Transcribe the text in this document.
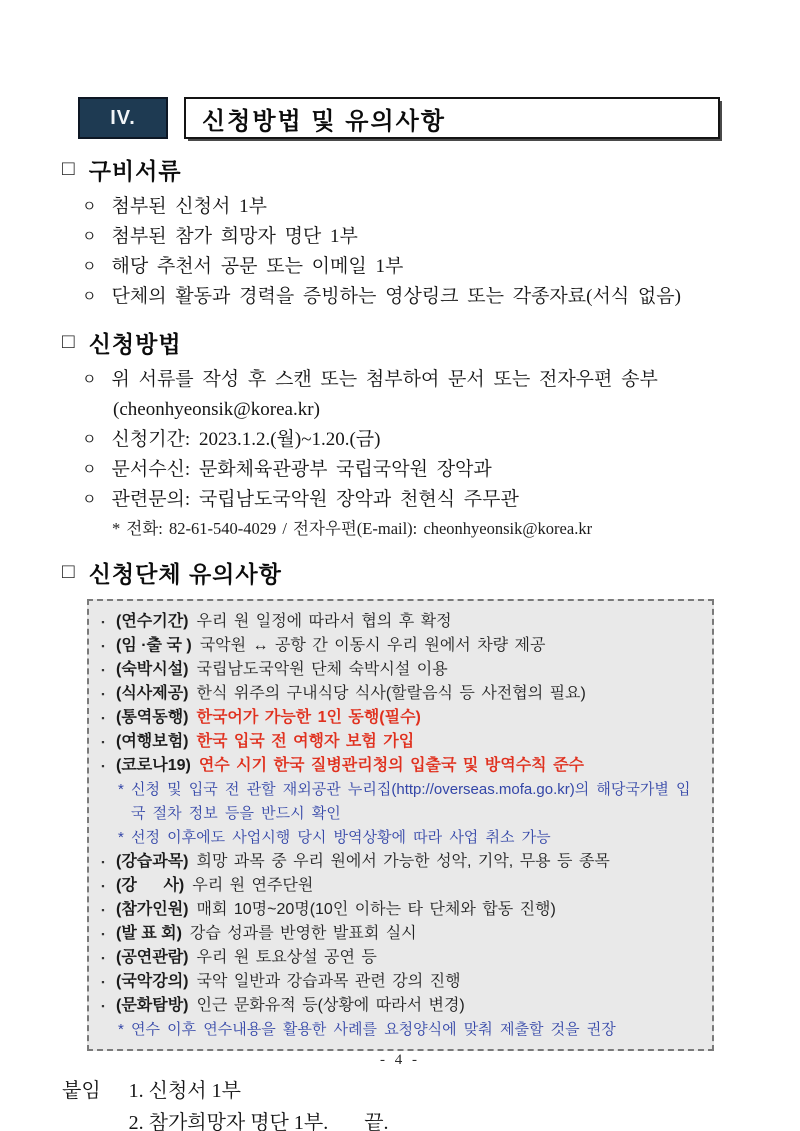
IV.	신청방법 및 유의사항
□ 구비서류
ㅇ 첨부된 신청서 1부
ㅇ 첨부된 참가 희망자 명단 1부
ㅇ 해당 추천서 공문 또는 이메일 1부
ㅇ 단체의 활동과 경력을 증빙하는 영상링크 또는 각종자료(서식 없음)
□ 신청방법
ㅇ 위 서류를 작성 후 스캔 또는 첨부하여 문서 또는 전자우편 송부
(cheonhyeonsik@korea.kr)
ㅇ 신청기간: 2023.1.2.(월)~1.20.(금)
ㅇ 문서수신: 문화체육관광부 국립국악원 장악과
ㅇ 관련문의: 국립남도국악원 장악과 천현식 주무관
* 전화: 82-61-540-4029 / 전자우편(E-mail): cheonhyeonsik@korea.kr
□ 신청단체 유의사항
▪ (연수기간) 우리 원 일정에 따라서 협의 후 확정
▪ (임 ·출 국 ) 국악원 ↔ 공항 간 이동시 우리 원에서 차량 제공
▪ (숙박시설) 국립남도국악원 단체 숙박시설 이용
▪ (식사제공) 한식 위주의 구내식당 식사(할랄음식 등 사전협의 필요)
▪ (통역동행) 한국어가 가능한 1인 동행(필수)
▪ (여행보험) 한국 입국 전 여행자 보험 가입
▪ (코로나19) 연수 시기 한국 질병관리청의 입출국 및 방역수칙 준수
* 신청 및 입국 전 관할 재외공관 누리집(http://overseas.mofa.go.kr)의 해당국가별 입국 절차 정보 등을 반드시 확인
* 선정 이후에도 사업시행 당시 방역상황에 따라 사업 취소 가능
▪ (강습과목) 희망 과목 중 우리 원에서 가능한 성악, 기악, 무용 등 종목
▪ (강      사) 우리 원 연주단원
▪ (참가인원) 매회 10명~20명(10인 이하는 타 단체와 합동 진행)
▪ (발 표 회) 강습 성과를 반영한 발표회 실시
▪ (공연관람) 우리 원 토요상설 공연 등
▪ (국악강의) 국악 일반과 강습과목 관련 강의 진행
▪ (문화탐방) 인근 문화유적 등(상황에 따라서 변경)
* 연수 이후 연수내용을 활용한 사례를 요청양식에 맞춰 제출할 것을 권장
붙임 1. 신청서 1부
2. 참가희망자 명단 1부. 끝.
- 4 -
